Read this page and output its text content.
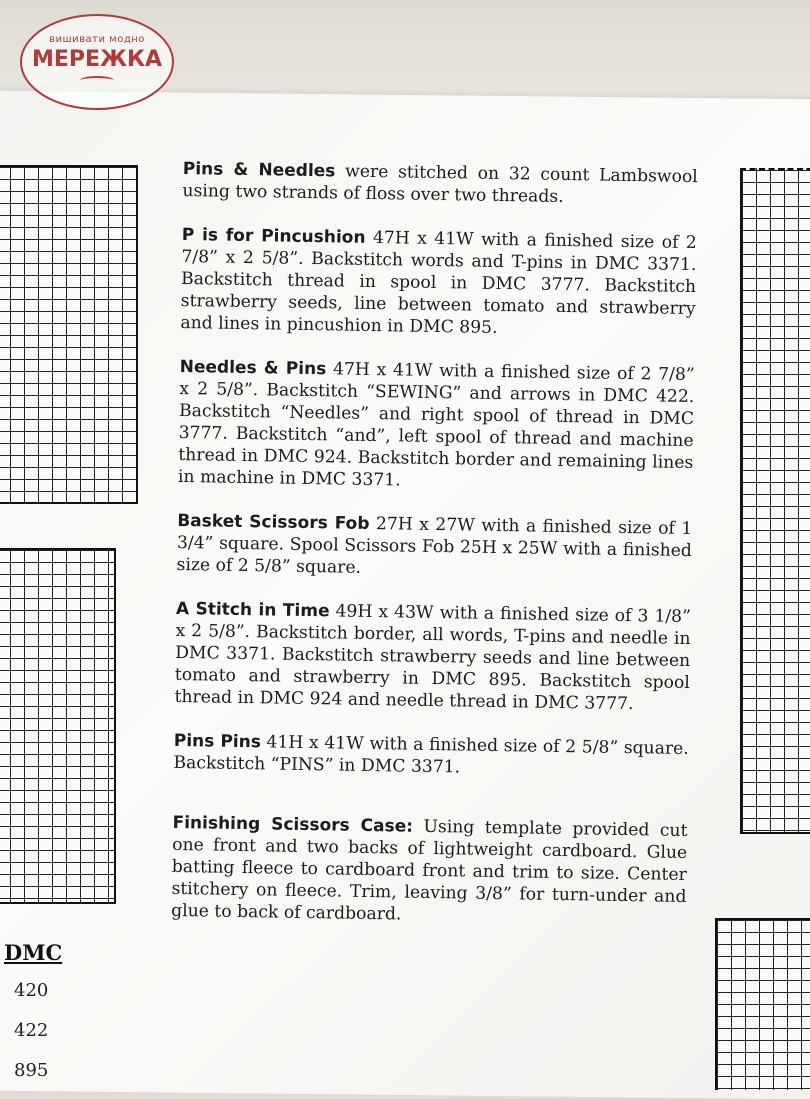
вишивати модно
МЕРЕЖКА
DMC
420
422
895

Pins & Needles were stitched on 32 count Lambswool using two strands of floss over two threads.

P is for Pincushion 47H x 41W with a finished size of 2 7/8” x 2 5/8”. Backstitch words and T-pins in DMC 3371. Backstitch thread in spool in DMC 3777. Backstitch strawberry seeds, line between tomato and strawberry and lines in pincushion in DMC 895.

Needles & Pins 47H x 41W with a finished size of 2 7/8” x 2 5/8”. Backstitch “SEWING” and arrows in DMC 422. Backstitch “Needles” and right spool of thread in DMC 3777. Backstitch “and”, left spool of thread and machine thread in DMC 924. Backstitch border and remaining lines in machine in DMC 3371.

Basket Scissors Fob 27H x 27W with a finished size of 1 3/4” square. Spool Scissors Fob 25H x 25W with a finished size of 2 5/8” square.

A Stitch in Time 49H x 43W with a finished size of 3 1/8” x 2 5/8”. Backstitch border, all words, T-pins and needle in DMC 3371. Backstitch strawberry seeds and line between tomato and strawberry in DMC 895. Backstitch spool thread in DMC 924 and needle thread in DMC 3777.

Pins Pins 41H x 41W with a finished size of 2 5/8” square. Backstitch “PINS” in DMC 3371.

Finishing Scissors Case: Using template provided cut one front and two backs of lightweight cardboard. Glue batting fleece to cardboard front and trim to size. Center stitchery on fleece. Trim, leaving 3/8” for turn-under and glue to back of cardboard.
